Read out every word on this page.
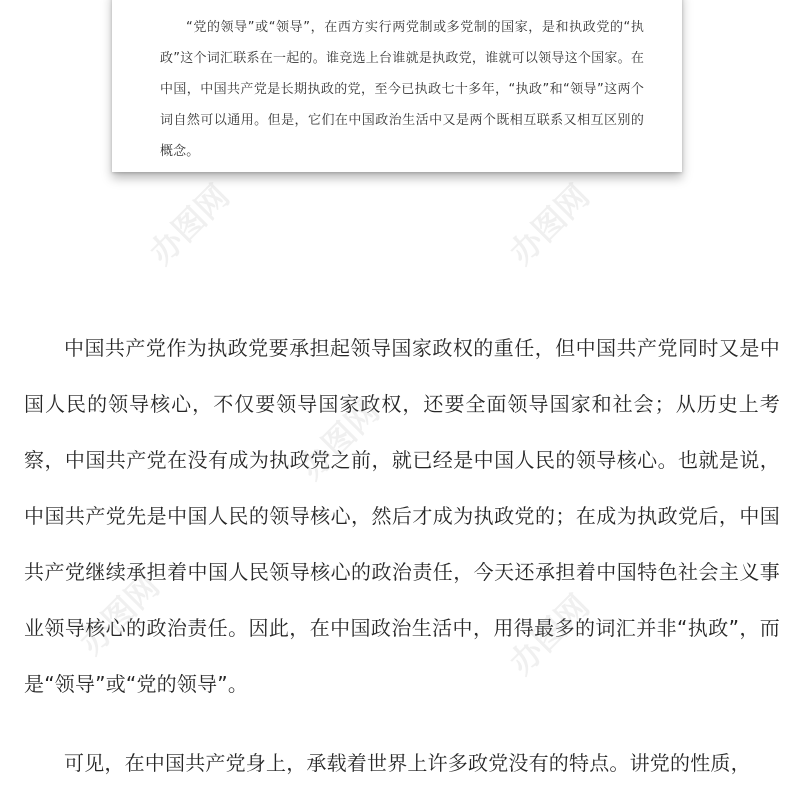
“党的领导”或“领导”，在西方实行两党制或多党制的国家，是和执政党的“执政”这个词汇联系在一起的。谁竞选上台谁就是执政党，谁就可以领导这个国家。在中国，中国共产党是长期执政的党，至今已执政七十多年，“执政”和“领导”这两个词自然可以通用。但是，它们在中国政治生活中又是两个既相互联系又相互区别的概念。

中国共产党作为执政党要承担起领导国家政权的重任，但中国共产党同时又是中国人民的领导核心，不仅要领导国家政权，还要全面领导国家和社会；从历史上考察，中国共产党在没有成为执政党之前，就已经是中国人民的领导核心。也就是说，中国共产党先是中国人民的领导核心，然后才成为执政党的；在成为执政党后，中国共产党继续承担着中国人民领导核心的政治责任，今天还承担着中国特色社会主义事业领导核心的政治责任。因此，在中国政治生活中，用得最多的词汇并非“执政”，而是“领导”或“党的领导”。

可见，在中国共产党身上，承载着世界上许多政党没有的特点。讲党的性质，

办图网	办图网
办图网
办图网
办图网
